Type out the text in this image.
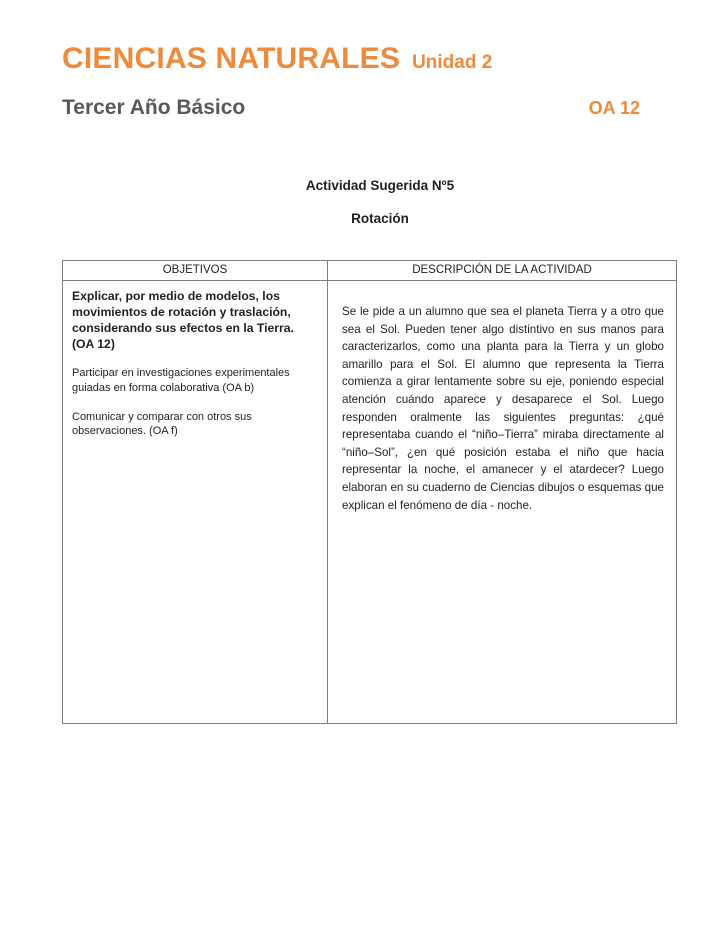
CIENCIAS NATURALES Unidad 2
Tercer Año Básico	OA 12
Actividad Sugerida Nº5
Rotación
OBJETIVOS	DESCRIPCIÓN DE LA ACTIVIDAD

Explicar, por medio de modelos, los movimientos de rotación y traslación, considerando sus efectos en la Tierra. (OA 12)
Participar en investigaciones experimentales guiadas en forma colaborativa (OA b)
Comunicar y comparar con otros sus observaciones. (OA f)

Se le pide a un alumno que sea el planeta Tierra y a otro que sea el Sol. Pueden tener algo distintivo en sus manos para caracterizarlos, como una planta para la Tierra y un globo amarillo para el Sol. El alumno que representa la Tierra comienza a girar lentamente sobre su eje, poniendo especial atención cuándo aparece y desaparece el Sol. Luego responden oralmente las siguientes preguntas: ¿qué representaba cuando el “niño–Tierra” miraba directamente al “niño–Sol”, ¿en qué posición estaba el niño que hacia representar la noche, el amanecer y el atardecer? Luego elaboran en su cuaderno de Ciencias dibujos o esquemas que explican el fenómeno de día - noche.
